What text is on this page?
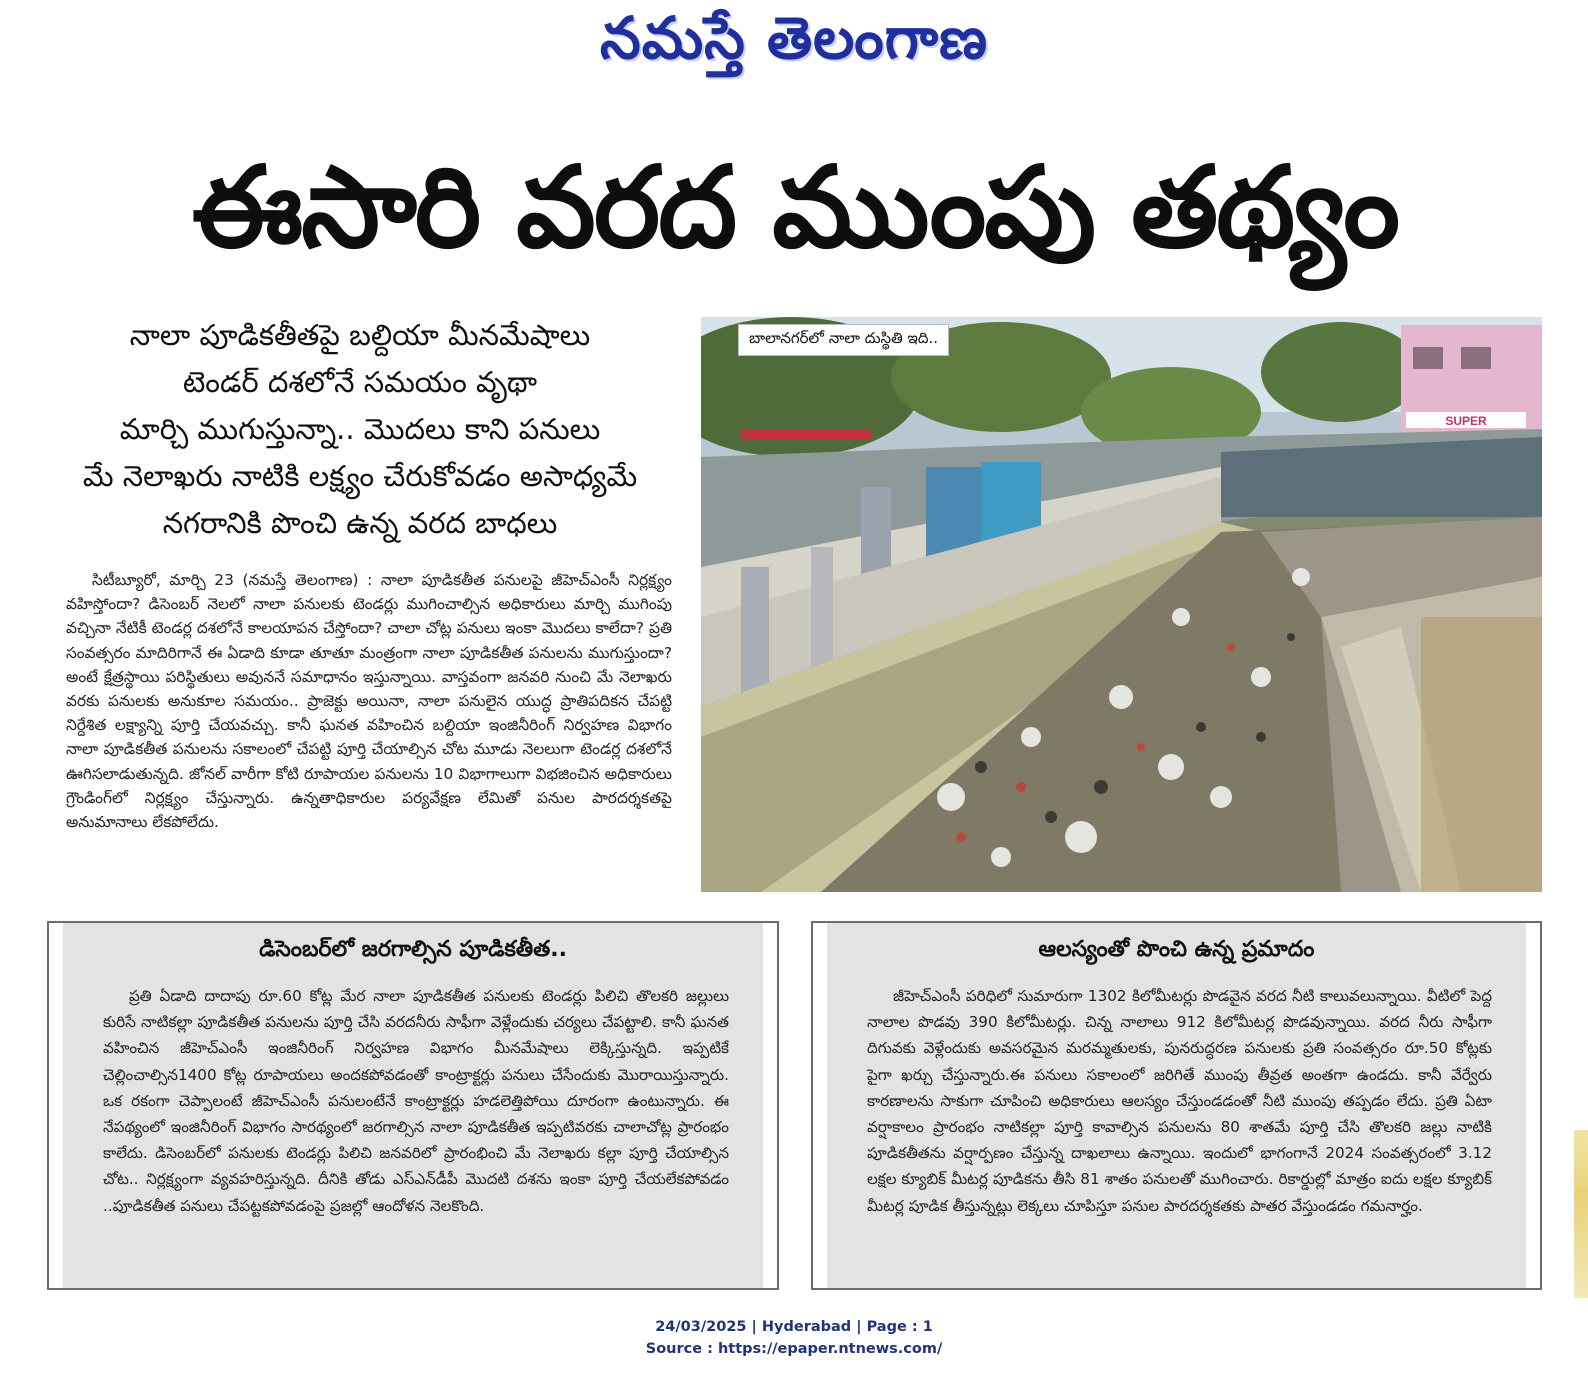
నమస్తే తెలంగాణ
ఈసారి వరద ముంపు తథ్యం
నాలా పూడికతీతపై బల్దియా మీనమేషాలు
టెండర్ దశలోనే సమయం వృథా
మార్చి ముగుస్తున్నా.. మొదలు కాని పనులు
మే నెలాఖరు నాటికి లక్ష్యం చేరుకోవడం అసాధ్యమే
నగరానికి పొంచి ఉన్న వరద బాధలు
సిటీబ్యూరో, మార్చి 23 (నమస్తే తెలంగాణ) : నాలా పూడికతీత పనులపై జీహెచ్ఎంసీ నిర్లక్ష్యం వహిస్తోందా? డిసెంబర్ నెలలో నాలా పనులకు టెండర్లు ముగించాల్సిన అధికారులు మార్చి ముగింపు వచ్చినా నేటికీ టెండర్ల దశలోనే కాలయాపన చేస్తోందా? చాలా చోట్ల పనులు ఇంకా మొదలు కాలేదా? ప్రతి సంవత్సరం మాదిరిగానే ఈ ఏడాది కూడా తూతూ మంత్రంగా నాలా పూడికతీత పనులను ముగుస్తుందా? అంటే క్షేత్రస్థాయి పరిస్థితులు అవుననే సమాధానం ఇస్తున్నాయి. వాస్తవంగా జనవరి నుంచి మే నెలాఖరు వరకు పనులకు అనుకూల సమయం.. ప్రాజెక్టు అయినా, నాలా పనులైన యుద్ధ ప్రాతిపదికన చేపట్టి నిర్దేశిత లక్ష్యాన్ని పూర్తి చేయవచ్చు. కానీ ఘనత వహించిన బల్దియా ఇంజినీరింగ్ నిర్వహణ విభాగం నాలా పూడికతీత పనులను సకాలంలో చేపట్టి పూర్తి చేయాల్సిన చోట మూడు నెలలుగా టెండర్ల దశలోనే ఊగిసలాడుతున్నది. జోనల్ వారీగా కోటి రూపాయల పనులను 10 విభాగాలుగా విభజించిన అధికారులు గ్రౌండింగ్‌లో నిర్లక్ష్యం చేస్తున్నారు. ఉన్నతాధికారుల పర్యవేక్షణ లేమితో పనుల పారదర్శకతపై అనుమానాలు లేకపోలేదు.
SUPER
బాలానగర్‌లో నాలా దుస్థితి ఇది..
డిసెంబర్‌లో జరగాల్సిన పూడికతీత..
ప్రతి ఏడాది దాదాపు రూ.60 కోట్ల మేర నాలా పూడికతీత పనులకు టెండర్లు పిలిచి తొలకరి జల్లులు కురిసే నాటికల్లా పూడికతీత పనులను పూర్తి చేసి వరదనీరు సాఫీగా వెళ్లేందుకు చర్యలు చేపట్టాలి. కానీ ఘనత వహించిన జీహెచ్ఎంసీ ఇంజినీరింగ్ నిర్వహణ విభాగం మీనమేషాలు లెక్కిస్తున్నది. ఇప్పటికే చెల్లించాల్సిన1400 కోట్ల రూపాయలు అందకపోవడంతో కాంట్రాక్టర్లు పనులు చేసేందుకు మొరాయిస్తున్నారు. ఒక రకంగా చెప్పాలంటే జీహెచ్ఎంసీ పనులంటేనే కాంట్రాక్టర్లు హడలెత్తిపోయి దూరంగా ఉంటున్నారు. ఈ నేపథ్యంలో ఇంజినీరింగ్ విభాగం సారథ్యంలో జరగాల్సిన నాలా పూడికతీత ఇప్పటివరకు చాలాచోట్ల ప్రారంభం కాలేదు. డిసెంబర్‌లో పనులకు టెండర్లు పిలిచి జనవరిలో ప్రారంభించి మే నెలాఖరు కల్లా పూర్తి చేయాల్సిన చోట.. నిర్లక్ష్యంగా వ్యవహరిస్తున్నది. దీనికి తోడు ఎస్ఎన్‌డీపీ మొదటి దశను ఇంకా పూర్తి చేయలేకపోవడం ..పూడికతీత పనులు చేపట్టకపోవడంపై ప్రజల్లో ఆందోళన నెలకొంది.
ఆలస్యంతో పొంచి ఉన్న ప్రమాదం
జీహెచ్ఎంసీ పరిధిలో సుమారుగా 1302 కిలోమీటర్లు పొడవైన వరద నీటి కాలువలున్నాయి. వీటిలో పెద్ద నాలాల పొడవు 390 కిలోమీటర్లు. చిన్న నాలాలు 912 కిలోమీటర్ల పొడవున్నాయి. వరద నీరు సాఫీగా దిగువకు వెళ్లేందుకు అవసరమైన మరమ్మతులకు, పునరుద్ధరణ పనులకు ప్రతి సంవత్సరం రూ.50 కోట్లకు పైగా ఖర్చు చేస్తున్నారు.ఈ పనులు సకాలంలో జరిగితే ముంపు తీవ్రత అంతగా ఉండదు. కానీ వేర్వేరు కారణాలను సాకుగా చూపించి అధికారులు ఆలస్యం చేస్తుండడంతో నీటి ముంపు తప్పడం లేదు. ప్రతి ఏటా వర్షాకాలం ప్రారంభం నాటికల్లా పూర్తి కావాల్సిన పనులను 80 శాతమే పూర్తి చేసి తొలకరి జల్లు నాటికి పూడికతీతను వర్షార్పణం చేస్తున్న దాఖలాలు ఉన్నాయి. ఇందులో భాగంగానే 2024 సంవత్సరంలో 3.12 లక్షల క్యూబిక్ మీటర్ల పూడికను తీసి 81 శాతం పనులతో ముగించారు. రికార్డుల్లో మాత్రం ఐదు లక్షల క్యూబిక్ మీటర్ల పూడిక తీస్తున్నట్లు లెక్కలు చూపిస్తూ పనుల పారదర్శకతకు పాతర వేస్తుండడం గమనార్హం.
24/03/2025 | Hyderabad | Page : 1
Source : https://epaper.ntnews.com/
